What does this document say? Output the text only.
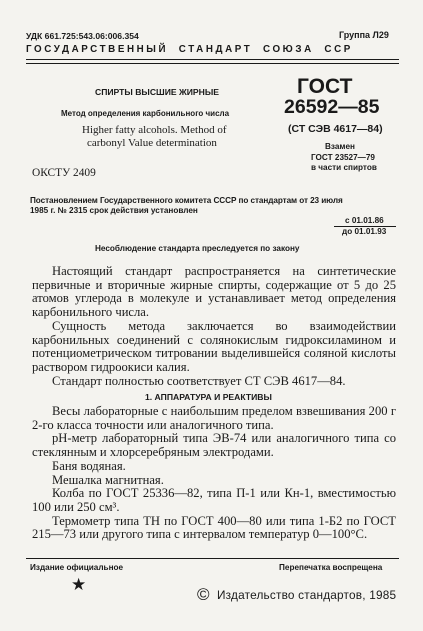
УДК 661.725:543.06:006.354	Группа Л29
ГОСУДАРСТВЕННЫЙ  СТАНДАРТ  СОЮЗА  ССР
СПИРТЫ ВЫСШИЕ ЖИРНЫЕ
Метод определения карбонильного числа
Higher fatty alcohols. Method of
carbonyl Value determination
ОКСТУ 2409
ГОСТ
26592—85
(СТ СЭВ 4617—84)
Взамен
ГОСТ 23527—79
в части спиртов
Постановлением Государственного комитета СССР по стандартам от 23 июля
1985 г. № 2315 срок действия установлен
с 01.01.86
до 01.01.93
Несоблюдение стандарта преследуется по закону

Настоящий стандарт распространяется на синтетические первичные и вторичные жирные спирты, содержащие от 5 до 25 атомов углерода в молекуле и устанавливает метод определения карбонильного числа.

Сущность метода заключается во взаимодействии карбонильных соединений с солянокислым гидроксиламином и потенциометрическом титровании выделившейся соляной кислоты раствором гидроокиси калия.

Стандарт полностью соответствует СТ СЭВ 4617—84.

1. АППАРАТУРА И РЕАКТИВЫ

Весы лабораторные с наибольшим пределом взвешивания 200 г 2-го класса точности или аналогичного типа.

pH-метр лабораторный типа ЭВ-74 или аналогичного типа со стеклянным и хлорсеребряным электродами.

Баня водяная.

Мешалка магнитная.

Колба по ГОСТ 25336—82, типа П-1 или Кн-1, вместимостью 100 или 250 см³.

Термометр типа ТН по ГОСТ 400—80 или типа 1-Б2 по ГОСТ 215—73 или другого типа с интервалом температур 0—100°С.

Издание официальное	Перепечатка воспрещена
★
© Издательство стандартов, 1985
